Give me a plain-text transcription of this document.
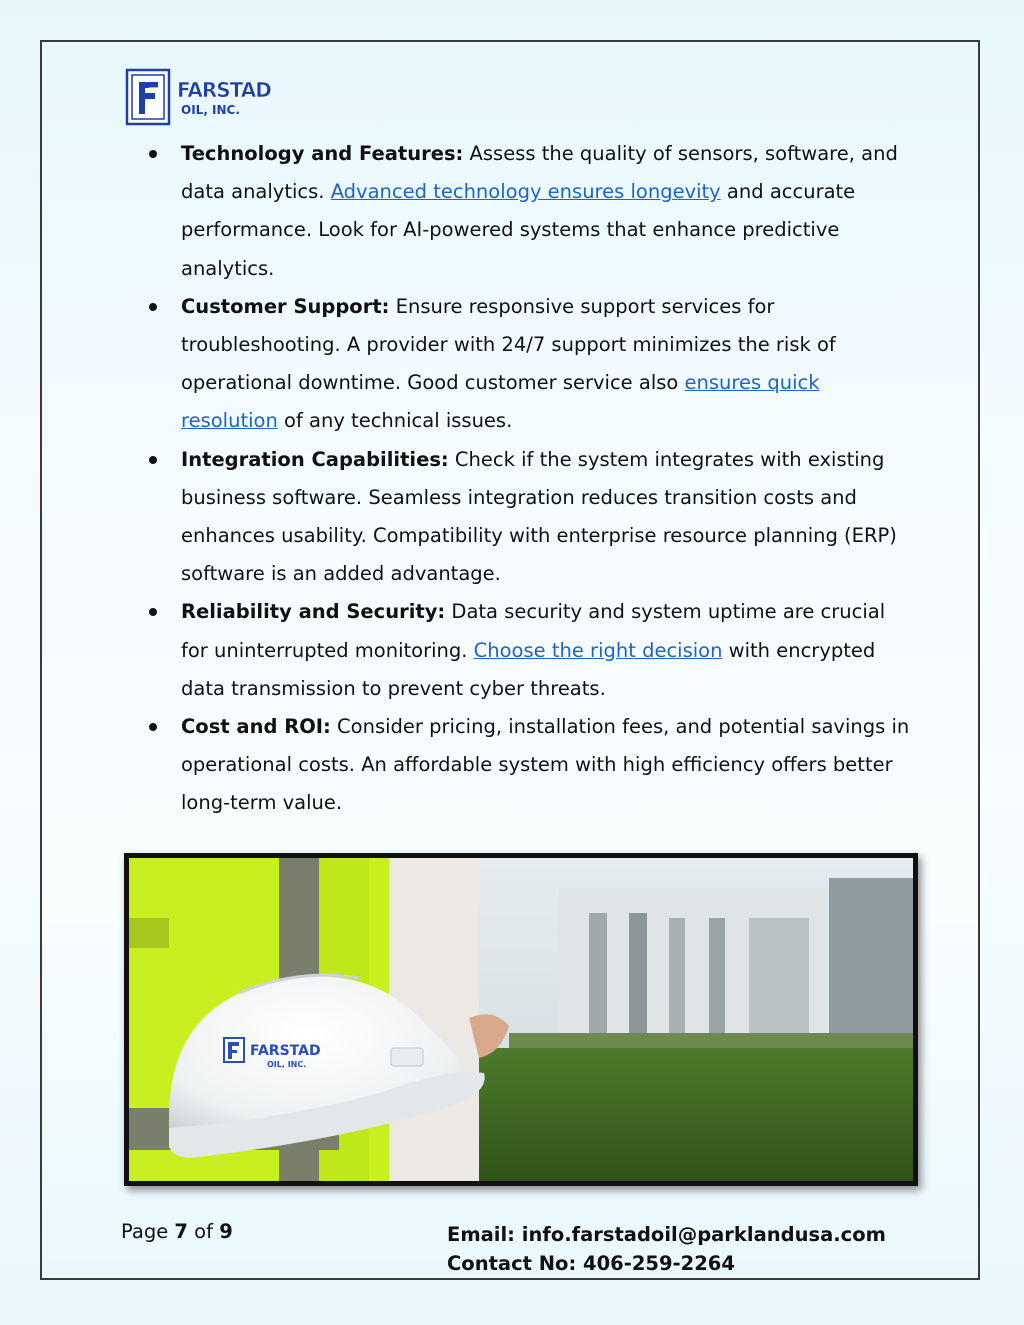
FARSTAD
OIL, INC.
Technology and Features: Assess the quality of sensors, software, and data analytics. Advanced technology ensures longevity and accurate performance. Look for AI-powered systems that enhance predictive analytics.
Customer Support: Ensure responsive support services for troubleshooting. A provider with 24/7 support minimizes the risk of operational downtime. Good customer service also ensures quick resolution of any technical issues.
Integration Capabilities: Check if the system integrates with existing business software. Seamless integration reduces transition costs and enhances usability. Compatibility with enterprise resource planning (ERP) software is an added advantage.
Reliability and Security: Data security and system uptime are crucial for uninterrupted monitoring. Choose the right decision with encrypted data transmission to prevent cyber threats.
Cost and ROI: Consider pricing, installation fees, and potential savings in operational costs. An affordable system with high efficiency offers better long-term value.
FARSTAD
OIL, INC.
Page 7 of 9	Email: info.farstadoil@parklandusa.com
Contact No: 406-259-2264
